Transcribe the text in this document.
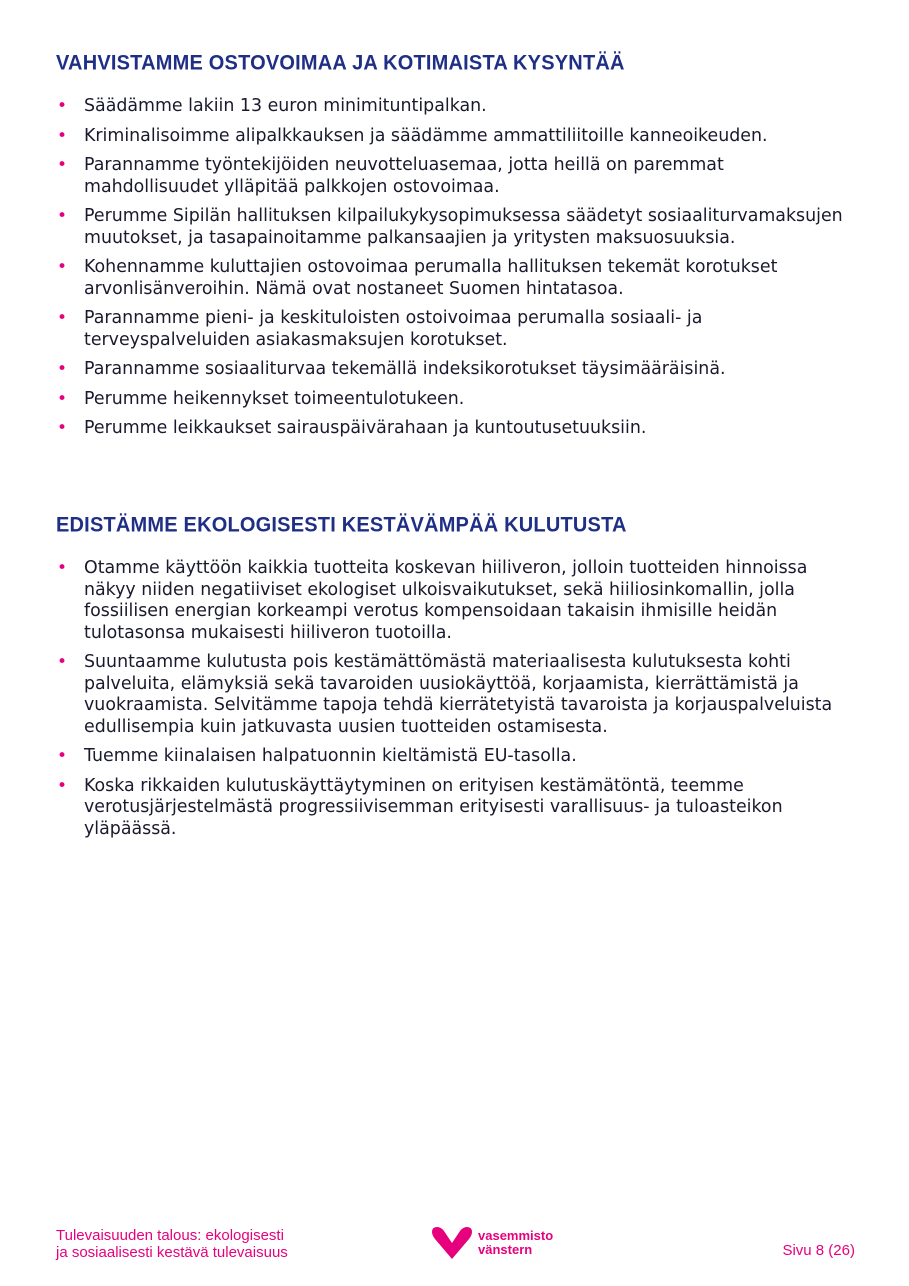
VAHVISTAMME OSTOVOIMAA JA KOTIMAISTA KYSYNTÄÄ
• Säädämme lakiin 13 euron minimituntipalkan.
• Kriminalisoimme alipalkkauksen ja säädämme ammattiliitoille kanneoikeuden.
• Parannamme työntekijöiden neuvotteluasemaa, jotta heillä on paremmat mahdollisuudet ylläpitää palkkojen ostovoimaa.
• Perumme Sipilän hallituksen kilpailukykysopimuksessa säädetyt sosiaaliturvamaksujen muutokset, ja tasapainoitamme palkansaajien ja yritysten maksuosuuksia.
• Kohennamme kuluttajien ostovoimaa perumalla hallituksen tekemät korotukset arvonlisänveroihin. Nämä ovat nostaneet Suomen hintatasoa.
• Parannamme pieni- ja keskituloisten ostoivoimaa perumalla sosiaali- ja terveyspalveluiden asiakasmaksujen korotukset.
• Parannamme sosiaaliturvaa tekemällä indeksikorotukset täysimääräisinä.
• Perumme heikennykset toimeentulotukeen.
• Perumme leikkaukset sairauspäivärahaan ja kuntoutusetuuksiin.
EDISTÄMME EKOLOGISESTI KESTÄVÄMPÄÄ KULUTUSTA
• Otamme käyttöön kaikkia tuotteita koskevan hiiliveron, jolloin tuotteiden hinnoissa näkyy niiden negatiiviset ekologiset ulkoisvaikutukset, sekä hiiliosinkomallin, jolla fossiilisen energian korkeampi verotus kompensoidaan takaisin ihmisille heidän tulotasonsa mukaisesti hiiliveron tuotoilla.
• Suuntaamme kulutusta pois kestämättömästä materiaalisesta kulutuksesta kohti palveluita, elämyksiä sekä tavaroiden uusiokäyttöä, korjaamista, kierrättämistä ja vuokraamista. Selvitämme tapoja tehdä kierrätetyistä tavaroista ja korjauspalveluista edullisempia kuin jatkuvasta uusien tuotteiden ostamisesta.
• Tuemme kiinalaisen halpatuonnin kieltämistä EU-tasolla.
• Koska rikkaiden kulutuskäyttäytyminen on erityisen kestämätöntä, teemme verotusjärjestelmästä progressiivisemman erityisesti varallisuus- ja tuloasteikon yläpäässä.
Tulevaisuuden talous: ekologisesti
ja sosiaalisesti kestävä tulevaisuus
vasemmisto
vänstern	Sivu 8 (26)
